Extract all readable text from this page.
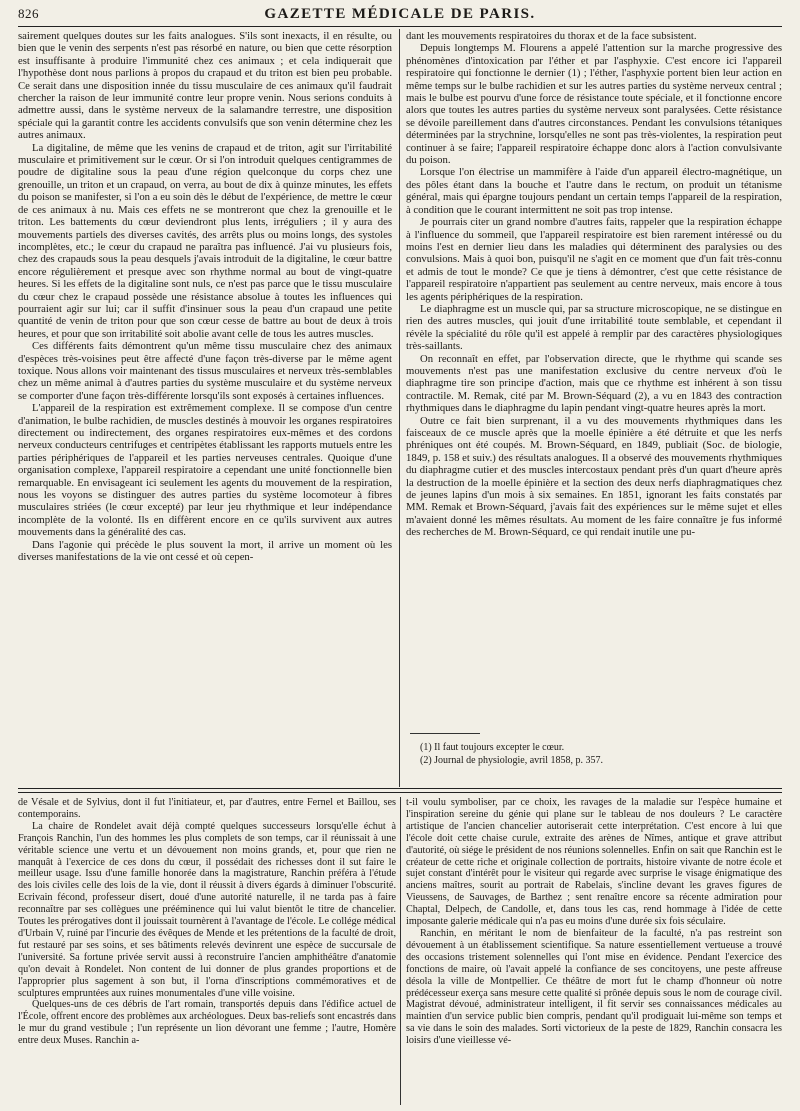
826	GAZETTE MÉDICALE DE PARIS.

sairement quelques doutes sur les faits analogues. S'ils sont inexacts, il en résulte, ou bien que le venin des serpents n'est pas résorbé en nature, ou bien que cette résorption est insuffisante à produire l'immunité chez ces animaux ; et cela indiquerait que l'hypothèse dont nous parlions à propos du crapaud et du triton est bien peu probable. Ce serait dans une disposition innée du tissu musculaire de ces animaux qu'il faudrait chercher la raison de leur immunité contre leur propre venin. Nous serions conduits à admettre aussi, dans le système nerveux de la salamandre terrestre, une disposition spéciale qui la garantit contre les accidents convulsifs que son venin détermine chez les autres animaux.

La digitaline, de même que les venins de crapaud et de triton, agit sur l'irritabilité musculaire et primitivement sur le cœur. Or si l'on introduit quelques centigrammes de poudre de digitaline sous la peau d'une région quelconque du corps chez une grenouille, un triton et un crapaud, on verra, au bout de dix à quinze minutes, les effets du poison se manifester, si l'on a eu soin dès le début de l'expérience, de mettre le cœur de ces animaux à nu. Mais ces effets ne se montreront que chez la grenouille et le triton. Les battements du cœur deviendront plus lents, irréguliers ; il y aura des mouvements partiels des diverses cavités, des arrêts plus ou moins longs, des systoles incomplètes, etc.; le cœur du crapaud ne paraîtra pas influencé. J'ai vu plusieurs fois, chez des crapauds sous la peau desquels j'avais introduit de la digitaline, le cœur battre encore régulièrement et presque avec son rhythme normal au bout de vingt-quatre heures. Si les effets de la digitaline sont nuls, ce n'est pas parce que le tissu musculaire du cœur chez le crapaud possède une résistance absolue à toutes les influences qui pourraient agir sur lui; car il suffit d'insinuer sous la peau d'un crapaud une petite quantité de venin de triton pour que son cœur cesse de battre au bout de deux à trois heures, et pour que son irritabilité soit abolie avant celle de tous les autres muscles.

Ces différents faits démontrent qu'un même tissu musculaire chez des animaux d'espèces très-voisines peut être affecté d'une façon très-diverse par le même agent toxique. Nous allons voir maintenant des tissus musculaires et nerveux très-semblables chez un même animal à d'autres parties du système musculaire et du système nerveux se comporter d'une façon très-différente lorsqu'ils sont exposés à certaines influences.

L'appareil de la respiration est extrêmement complexe. Il se compose d'un centre d'animation, le bulbe rachidien, de muscles destinés à mouvoir les organes respiratoires directement ou indirectement, des organes respiratoires eux-mêmes et des cordons nerveux conducteurs centrifuges et centripètes établissant les rapports mutuels entre les parties périphériques de l'appareil et les parties nerveuses centrales. Quoique d'une organisation complexe, l'appareil respiratoire a cependant une unité fonctionnelle bien remarquable. En envisageant ici seulement les agents du mouvement de la respiration, nous les voyons se distinguer des autres parties du système locomoteur à fibres musculaires striées (le cœur excepté) par leur jeu rhythmique et leur indépendance incomplète de la volonté. Ils en diffèrent encore en ce qu'ils survivent aux autres mouvements dans la généralité des cas.

Dans l'agonie qui précède le plus souvent la mort, il arrive un moment où les diverses manifestations de la vie ont cessé et où cepen-

dant les mouvements respiratoires du thorax et de la face subsistent.

Depuis longtemps M. Flourens a appelé l'attention sur la marche progressive des phénomènes d'intoxication par l'éther et par l'asphyxie. C'est encore ici l'appareil respiratoire qui fonctionne le dernier (1) ; l'éther, l'asphyxie portent bien leur action en même temps sur le bulbe rachidien et sur les autres parties du système nerveux central ; mais le bulbe est pourvu d'une force de résistance toute spéciale, et il fonctionne encore alors que toutes les autres parties du système nerveux sont paralysées. Cette résistance se dévoile pareillement dans d'autres circonstances. Pendant les convulsions tétaniques déterminées par la strychnine, lorsqu'elles ne sont pas très-violentes, la respiration peut continuer à se faire; l'appareil respiratoire échappe donc alors à l'action convulsivante du poison.

Lorsque l'on électrise un mammifère à l'aide d'un appareil électro-magnétique, un des pôles étant dans la bouche et l'autre dans le rectum, on produit un tétanisme général, mais qui épargne toujours pendant un certain temps l'appareil de la respiration, à condition que le courant intermittent ne soit pas trop intense.

Je pourrais citer un grand nombre d'autres faits, rappeler que la respiration échappe à l'influence du sommeil, que l'appareil respiratoire est bien rarement intéressé ou du moins l'est en dernier lieu dans les maladies qui déterminent des paralysies ou des convulsions. Mais à quoi bon, puisqu'il ne s'agit en ce moment que d'un fait très-connu et admis de tout le monde? Ce que je tiens à démontrer, c'est que cette résistance de l'appareil respiratoire n'appartient pas seulement au centre nerveux, mais encore à tous les agents périphériques de la respiration.

Le diaphragme est un muscle qui, par sa structure microscopique, ne se distingue en rien des autres muscles, qui jouit d'une irritabilité toute semblable, et cependant il révèle la spécialité du rôle qu'il est appelé à remplir par des caractères physiologiques très-saillants.

On reconnaît en effet, par l'observation directe, que le rhythme qui scande ses mouvements n'est pas une manifestation exclusive du centre nerveux d'où le diaphragme tire son principe d'action, mais que ce rhythme est inhérent à son tissu contractile. M. Remak, cité par M. Brown-Séquard (2), a vu en 1843 des contraction rhythmiques dans le diaphragme du lapin pendant vingt-quatre heures après la mort.

Outre ce fait bien surprenant, il a vu des mouvements rhythmiques dans les faisceaux de ce muscle après que la moelle épinière a été détruite et que les nerfs phréniques ont été coupés. M. Brown-Séquard, en 1849, publiait (Soc. de biologie, 1849, p. 158 et suiv.) des résultats analogues. Il a observé des mouvements rhythmiques du diaphragme cutier et des muscles intercostaux pendant près d'un quart d'heure après la destruction de la moelle épinière et la section des deux nerfs diaphragmatiques chez de jeunes lapins d'un mois à six semaines. En 1851, ignorant les faits constatés par MM. Remak et Brown-Séquard, j'avais fait des expériences sur le même sujet et elles m'avaient donné les mêmes résultats. Au moment de les faire connaître je fus informé des recherches de M. Brown-Séquard, ce qui rendait inutile une pu-

(1) Il faut toujours excepter le cœur.
(2) Journal de physiologie, avril 1858, p. 357.

de Vésale et de Sylvius, dont il fut l'initiateur, et, par d'autres, entre Fernel et Baillou, ses contemporains.

La chaire de Rondelet avait déjà compté quelques successeurs lorsqu'elle échut à François Ranchin, l'un des hommes les plus complets de son temps, car il réunissait à une véritable science une vertu et un dévouement non moins grands, et, pour que rien ne manquât à l'exercice de ces dons du cœur, il possédait des richesses dont il sut faire le meilleur usage. Issu d'une famille honorée dans la magistrature, Ranchin préféra à l'étude des lois civiles celle des lois de la vie, dont il réussit à divers égards à diminuer l'obscurité. Ecrivain fécond, professeur disert, doué d'une autorité naturelle, il ne tarda pas à faire reconnaître par ses collègues une prééminence qui lui valut bientôt le titre de chancelier. Toutes les prérogatives dont il jouissait tournèrent à l'avantage de l'école. Le collége médical d'Urbain V, ruiné par l'incurie des évêques de Mende et les prétentions de la faculté de droit, fut restauré par ses soins, et ses bâtiments relevés devinrent une espèce de succursale de l'université. Sa fortune privée servit aussi à reconstruire l'ancien amphithéâtre d'anatomie qu'on devait à Rondelet. Non content de lui donner de plus grandes proportions et de l'approprier plus sagement à son but, il l'orna d'inscriptions commémoratives et de sculptures empruntées aux ruines monumentales d'une ville voisine.

Quelques-uns de ces débris de l'art romain, transportés depuis dans l'édifice actuel de l'École, offrent encore des problèmes aux archéologues. Deux bas-reliefs sont encastrés dans le mur du grand vestibule ; l'un représente un lion dévorant une femme ; l'autre, Homère entre deux Muses. Ranchin a-

t-il voulu symboliser, par ce choix, les ravages de la maladie sur l'espèce humaine et l'inspiration sereine du génie qui plane sur le tableau de nos douleurs ? Le caractère artistique de l'ancien chancelier autoriserait cette interprétation. C'est encore à lui que l'école doit cette chaise curule, extraite des arènes de Nîmes, antique et grave attribut d'autorité, où siége le président de nos réunions solennelles. Enfin on sait que Ranchin est le créateur de cette riche et originale collection de portraits, histoire vivante de notre école et sujet constant d'intérêt pour le visiteur qui regarde avec surprise le visage énigmatique des anciens maîtres, sourit au portrait de Rabelais, s'incline devant les graves figures de Vieussens, de Sauvages, de Barthez ; sent renaître encore sa récente admiration pour Chaptal, Delpech, de Candolle, et, dans tous les cas, rend hommage à l'idée de cette imposante galerie médicale qui n'a pas eu moins d'une durée six fois séculaire.

Ranchin, en méritant le nom de bienfaiteur de la faculté, n'a pas restreint son dévouement à un établissement scientifique. Sa nature essentiellement vertueuse a trouvé des occasions tristement solennelles qui l'ont mise en évidence. Pendant l'exercice des fonctions de maire, où l'avait appelé la confiance de ses concitoyens, une peste affreuse désola la ville de Montpellier. Ce théâtre de mort fut le champ d'honneur où notre prédécesseur exerça sans mesure cette qualité si prônée depuis sous le nom de courage civil. Magistrat dévoué, administrateur intelligent, il fit servir ses connaissances médicales au maintien d'un service public bien compris, pendant qu'il prodiguait lui-même son temps et sa vie dans le soin des malades. Sorti victorieux de la peste de 1829, Ranchin consacra les loisirs d'une vieillesse vé-
